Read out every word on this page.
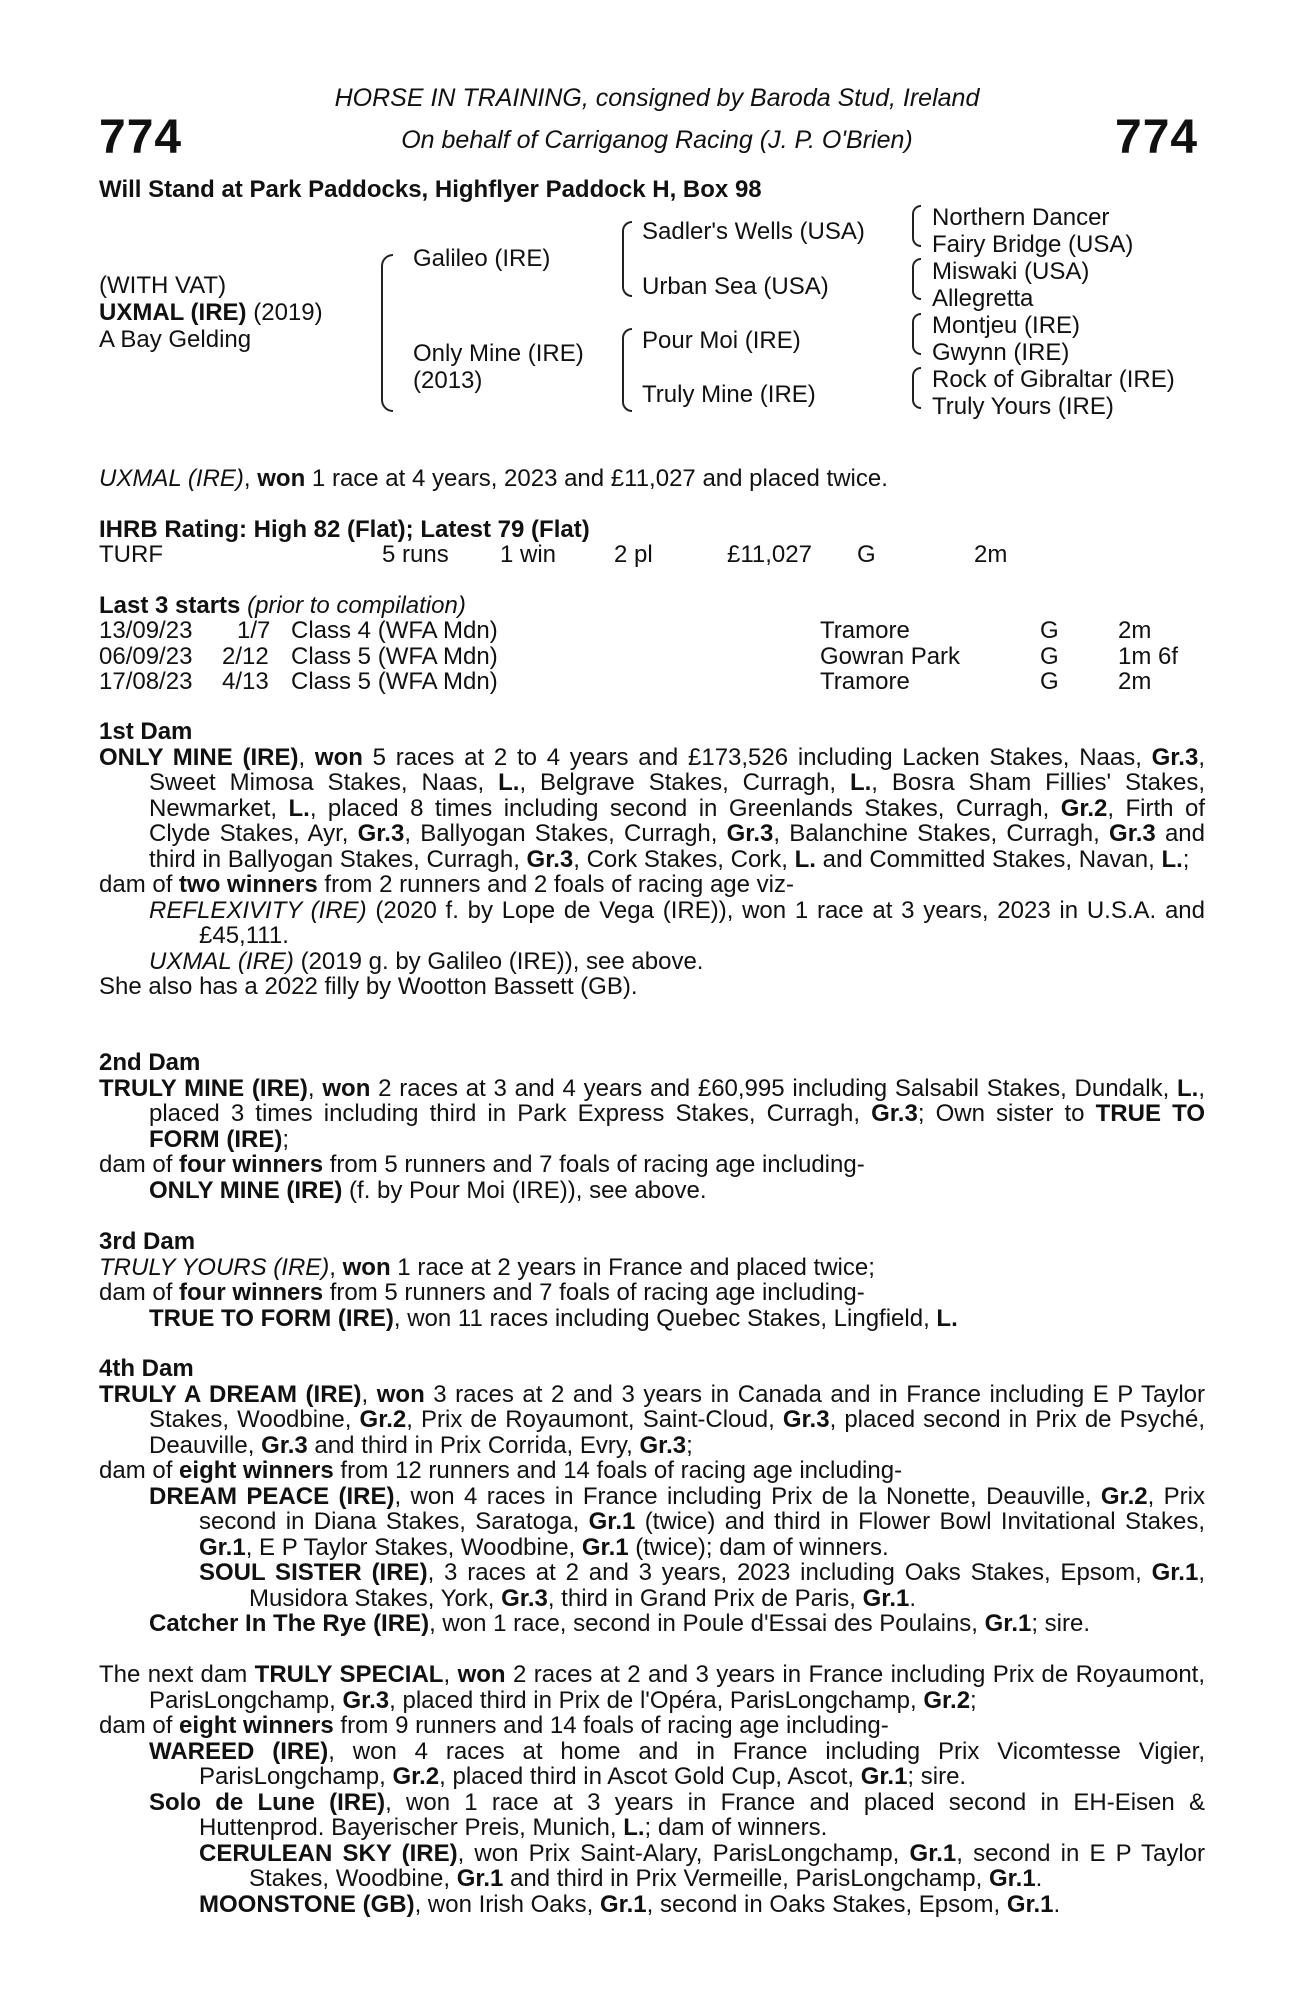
774	774
HORSE IN TRAINING, consigned by Baroda Stud, Ireland
On behalf of Carriganog Racing (J. P. O'Brien)
Will Stand at Park Paddocks, Highflyer Paddock H, Box 98
(WITH VAT)
UXMAL (IRE) (2019)
A Bay Gelding
Galileo (IRE)
Only Mine (IRE)
(2013)
Sadler's Wells (USA)
Urban Sea (USA)
Pour Moi (IRE)
Truly Mine (IRE)
Northern Dancer
Fairy Bridge (USA)
Miswaki (USA)
Allegretta
Montjeu (IRE)
Gwynn (IRE)
Rock of Gibraltar (IRE)
Truly Yours (IRE)
UXMAL (IRE), won 1 race at 4 years, 2023 and £11,027 and placed twice.
IHRB Rating: High 82 (Flat); Latest 79 (Flat)
TURF	5 runs 1 win 2 pl	£11,027 G	2m
Last 3 starts (prior to compilation)
13/09/23 1/7 Class 4 (WFA Mdn)	Tramore	G 2m
06/09/23 2/12 Class 5 (WFA Mdn)	Gowran Park	G 1m 6f
17/08/23 4/13 Class 5 (WFA Mdn)	Tramore	G 2m

1st Dam

ONLY MINE (IRE), won 5 races at 2 to 4 years and £173,526 including Lacken Stakes, Naas, Gr.3, Sweet Mimosa Stakes, Naas, L., Belgrave Stakes, Curragh, L., Bosra Sham Fillies' Stakes, Newmarket, L., placed 8 times including second in Greenlands Stakes, Curragh, Gr.2, Firth of Clyde Stakes, Ayr, Gr.3, Ballyogan Stakes, Curragh, Gr.3, Balanchine Stakes, Curragh, Gr.3 and third in Ballyogan Stakes, Curragh, Gr.3, Cork Stakes, Cork, L. and Committed Stakes, Navan, L.;

dam of two winners from 2 runners and 2 foals of racing age viz-

REFLEXIVITY (IRE) (2020 f. by Lope de Vega (IRE)), won 1 race at 3 years, 2023 in U.S.A. and £45,111.

UXMAL (IRE) (2019 g. by Galileo (IRE)), see above.

She also has a 2022 filly by Wootton Bassett (GB).

2nd Dam

TRULY MINE (IRE), won 2 races at 3 and 4 years and £60,995 including Salsabil Stakes, Dundalk, L., placed 3 times including third in Park Express Stakes, Curragh, Gr.3; Own sister to TRUE TO FORM (IRE);

dam of four winners from 5 runners and 7 foals of racing age including-

ONLY MINE (IRE) (f. by Pour Moi (IRE)), see above.

3rd Dam

TRULY YOURS (IRE), won 1 race at 2 years in France and placed twice;

dam of four winners from 5 runners and 7 foals of racing age including-

TRUE TO FORM (IRE), won 11 races including Quebec Stakes, Lingfield, L.

4th Dam

TRULY A DREAM (IRE), won 3 races at 2 and 3 years in Canada and in France including E P Taylor Stakes, Woodbine, Gr.2, Prix de Royaumont, Saint-Cloud, Gr.3, placed second in Prix de Psyché, Deauville, Gr.3 and third in Prix Corrida, Evry, Gr.3;

dam of eight winners from 12 runners and 14 foals of racing age including-

DREAM PEACE (IRE), won 4 races in France including Prix de la Nonette, Deauville, Gr.2, Prix second in Diana Stakes, Saratoga, Gr.1 (twice) and third in Flower Bowl Invitational Stakes, Gr.1, E P Taylor Stakes, Woodbine, Gr.1 (twice); dam of winners.

SOUL SISTER (IRE), 3 races at 2 and 3 years, 2023 including Oaks Stakes, Epsom, Gr.1, Musidora Stakes, York, Gr.3, third in Grand Prix de Paris, Gr.1.

Catcher In The Rye (IRE), won 1 race, second in Poule d'Essai des Poulains, Gr.1; sire.

The next dam TRULY SPECIAL, won 2 races at 2 and 3 years in France including Prix de Royaumont, ParisLongchamp, Gr.3, placed third in Prix de l'Opéra, ParisLongchamp, Gr.2;

dam of eight winners from 9 runners and 14 foals of racing age including-

WAREED (IRE), won 4 races at home and in France including Prix Vicomtesse Vigier, ParisLongchamp, Gr.2, placed third in Ascot Gold Cup, Ascot, Gr.1; sire.

Solo de Lune (IRE), won 1 race at 3 years in France and placed second in EH-Eisen & Huttenprod. Bayerischer Preis, Munich, L.; dam of winners.

CERULEAN SKY (IRE), won Prix Saint-Alary, ParisLongchamp, Gr.1, second in E P Taylor Stakes, Woodbine, Gr.1 and third in Prix Vermeille, ParisLongchamp, Gr.1.

MOONSTONE (GB), won Irish Oaks, Gr.1, second in Oaks Stakes, Epsom, Gr.1.
